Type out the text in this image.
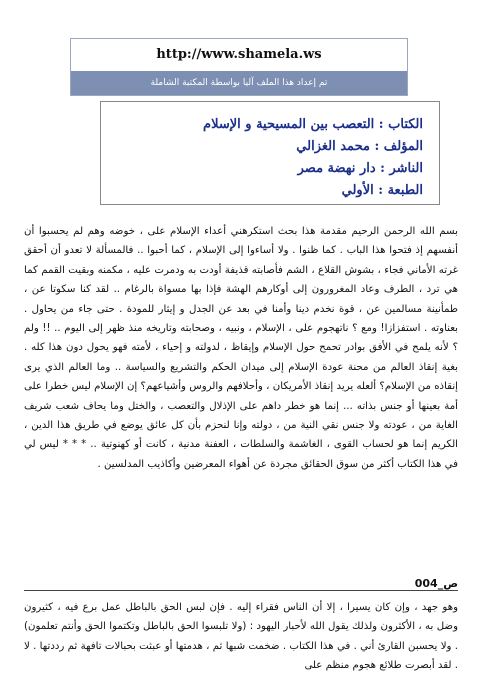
http://www.shamela.ws
تم إعداد هذا الملف آليا بواسطة المكتبة الشاملة
الكتاب : التعصب بين المسيحية و الإسلام
المؤلف : محمد الغزالي
الناشر : دار نهضة مصر
الطبعة : الأولي
بسم الله الرحمن الرحيم مقدمة هذا بحث استكرهني أعداء الإسلام على ، خوضه وهم لم يحسبوا أن أنفسهم إذ فتحوا هذا الباب . كما ظنوا . ولا أساءوا إلى الإسلام ، كما أحبوا .. فالمسألة لا تعدو أن أحقق غرته الأماني فجاء ، بشوش القلاع ، الشم فأصابته قذيفة أودت به ودمرت عليه ، مكمنه وبقيت القمم كما هي ترد ، الطرف وعاد المغرورون إلى أوكارهم الهشة فإذا بها مسواة بالرغام .. لقد كنا سكوتا عن ، طمأنينة مسالمين عن ، قوة نخدم دينا وأمنا في بعد عن الجدل و إيثار للمودة . حتى جاء من يحاول . بعناوته . استفزازا! ومع ؟ ناتهجوم على ، الإسلام ، ونبيه ، وصحابته وتاريخه منذ ظهر إلى اليوم .. !! ولم ؟ لأنه يلمح في الأفق بوادر تحمح حول الإسلام وإيقاظ ، لدولته و إحياء ، لأمته فهو يحول دون هذا كله . بغية إنقاذ العالم من محنة عودة الإسلام إلى ميدان الحكم والتشريع والسياسة .. وما العالم الذي يرى إنقاذه من الإسلام؟ ألعله يريد إنقاذ الأمريكان ، وأحلافهم والروس وأشياعهم؟ إن الإسلام ليس خطرا على أمة بعينها أو جنس بذاته ... إنما هو خطر داهم على الإذلال والتعصب ، والختل وما يحاف شعب شريف الغاية من ، عودته ولا جنس نقي النية من ، دولته وإنا لنحزم بأن كل عائق يوضع في طريق هذا الدين ، الكريم إنما هو لحساب القوى ، الغاشمة والسلطات ، العفنة مدنية ، كانت أو كهنوتية .. * * * ليس لي في هذا الكتاب أكثر من سوق الحقائق مجردة عن أهواء المعرضين وأكاذيب المدلسين .
ص_004
وهو جهد ، وإن كان يسيرا ، إلا أن الناس فقراء إليه . فإن لبس الحق بالباطل عمل برع فيه ، كثيرون وضل به ، الأكثرون ولذلك يقول الله لأحبار اليهود : (ولا تلبسوا الحق بالباطل وتكتموا الحق وأنتم تعلمون) . ولا يحسبن القارئ أني . في هذا الكتاب . ضخمت شبها ثم ، هدمتها أو عبثت بحبالات تافهة ثم رددتها . لا . لقد أبصرت طلائع هجوم منظم على
